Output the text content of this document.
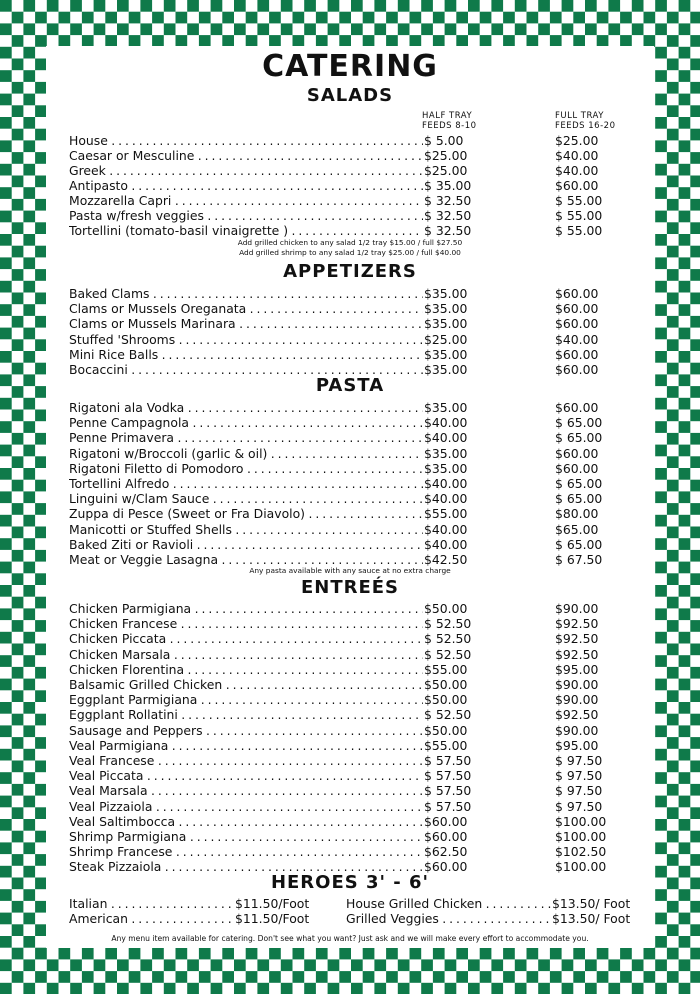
CATERING
SALADS

HALF TRAY

FEEDS 8-10

FULL TRAY

FEEDS 16-20

House . . .	$ 5.00	$25.00
Caesar or Mesculine . . .	$25.00	$40.00
Greek . . .	$25.00	$40.00
Antipasto . . .	$ 35.00	$60.00
Mozzarella Capri . . .	$ 32.50	$ 55.00
Pasta w/fresh veggies . . .	$ 32.50	$ 55.00
Tortellini (tomato-basil vinaigrette ) . . .	$ 32.50	$ 55.00

Add grilled chicken to any salad 1/2 tray $15.00 / full $27.50

Add grilled shrimp to any salad 1/2 tray $25.00 / full $40.00

APPETIZERS
Baked Clams . . .	$35.00	$60.00
Clams or Mussels Oreganata . . .	$35.00	$60.00
Clams or Mussels Marinara . . .	$35.00	$60.00
Stuffed 'Shrooms . . .	$25.00	$40.00
Mini Rice Balls . . .	$35.00	$60.00
Bocaccini . . .	$35.00	$60.00
PASTA
Rigatoni ala Vodka . . .	$35.00	$60.00
Penne Campagnola . . .	$40.00	$ 65.00
Penne Primavera . . .	$40.00	$ 65.00
Rigatoni w/Broccoli (garlic & oil) . . .	$35.00	$60.00
Rigatoni Filetto di Pomodoro . . .	$35.00	$60.00
Tortellini Alfredo . . .	$40.00	$ 65.00
Linguini w/Clam Sauce . . .	$40.00	$ 65.00
Zuppa di Pesce (Sweet or Fra Diavolo) . . .	$55.00	$80.00
Manicotti or Stuffed Shells . . .	$40.00	$65.00
Baked Ziti or Ravioli . . .	$40.00	$ 65.00
Meat or Veggie Lasagna . . .	$42.50	$ 67.50

Any pasta available with any sauce at no extra charge

ENTREÉS
Chicken Parmigiana . . .	$50.00	$90.00
Chicken Francese . . .	$ 52.50	$92.50
Chicken Piccata . . .	$ 52.50	$92.50
Chicken Marsala . . .	$ 52.50	$92.50
Chicken Florentina . . .	$55.00	$95.00
Balsamic Grilled Chicken . . .	$50.00	$90.00
Eggplant Parmigiana . . .	$50.00	$90.00
Eggplant Rollatini . . .	$ 52.50	$92.50
Sausage and Peppers . . .	$50.00	$90.00
Veal Parmigiana . . .	$55.00	$95.00
Veal Francese . . .	$ 57.50	$ 97.50
Veal Piccata . . .	$ 57.50	$ 97.50
Veal Marsala . . .	$ 57.50	$ 97.50
Veal Pizzaiola . . .	$ 57.50	$ 97.50
Veal Saltimbocca . . .	$60.00	$100.00
Shrimp Parmigiana . . .	$60.00	$100.00
Shrimp Francese . . .	$62.50	$102.50
Steak Pizzaiola . . .	$60.00	$100.00
HEROES 3' - 6'
Italian . . .	$11.50/Foot
American . . .	$11.50/Foot
House Grilled Chicken . . .	$13.50/ Foot
Grilled Veggies . . .	$13.50/ Foot

Any menu item available for catering. Don't see what you want? Just ask and we will make every effort to accommodate you.
